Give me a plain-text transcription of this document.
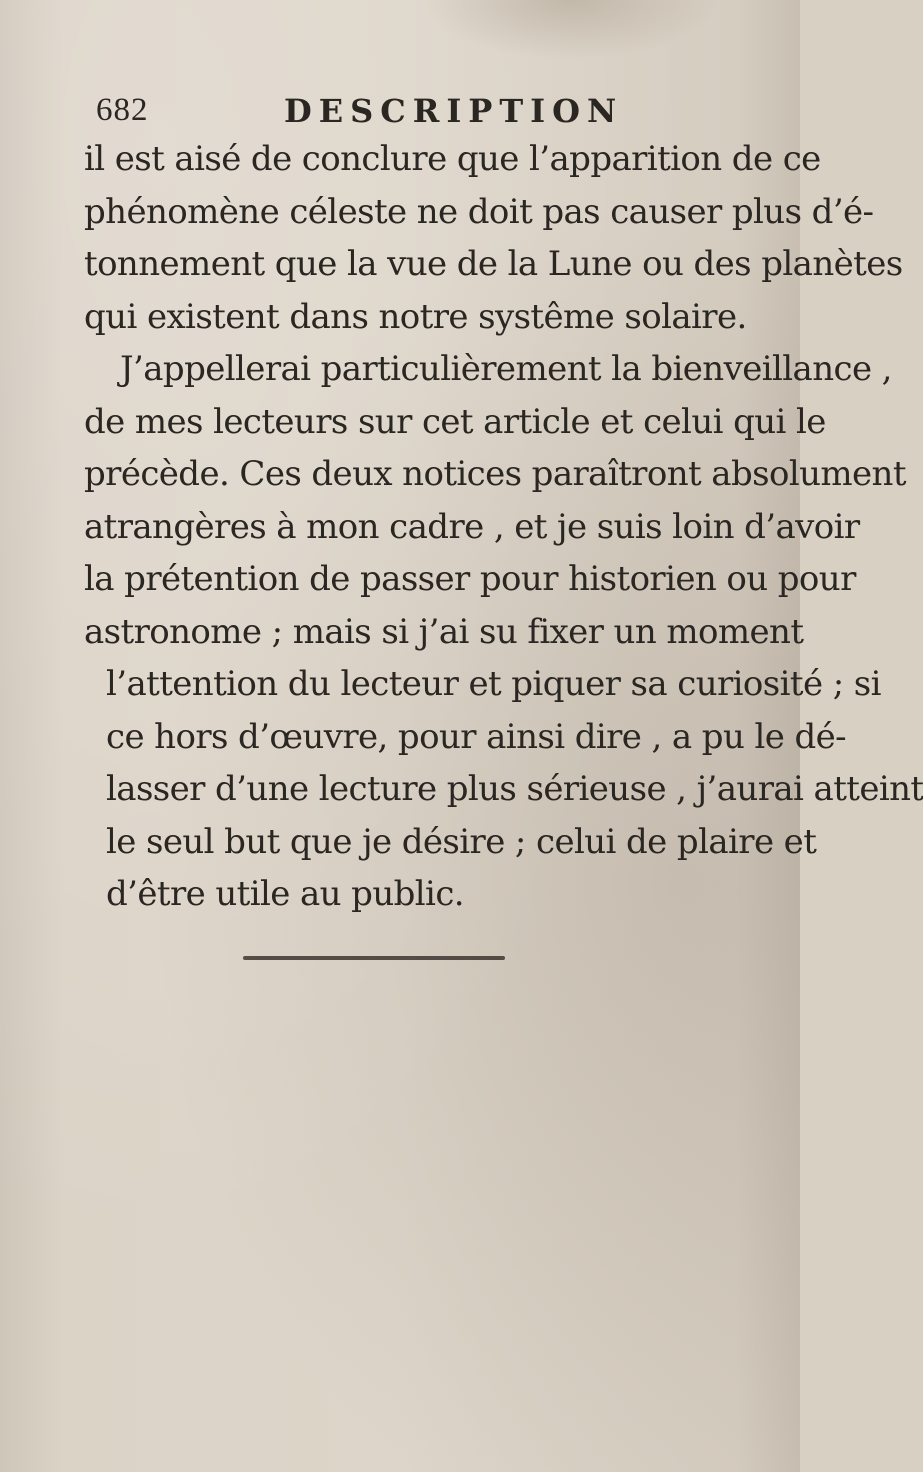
682	DESCRIPTION
il est aisé de conclure que l’apparition de ce
phénomène céleste ne doit pas causer plus d’é-
tonnement que la vue de la Lune ou des planètes
qui existent dans notre systême solaire.
J’appellerai particulièrement la bienveillance ,
de mes lecteurs sur cet article et celui qui le
précède. Ces deux notices paraîtront absolument
atrangères à mon cadre , et je suis loin d’avoir
la prétention de passer pour historien ou pour
astronome ; mais si j’ai su fixer un moment
l’attention du lecteur et piquer sa curiosité ; si
ce hors d’œuvre, pour ainsi dire , a pu le dé-
lasser d’une lecture plus sérieuse , j’aurai atteint
le seul but que je désire ; celui de plaire et
d’être utile au public.
